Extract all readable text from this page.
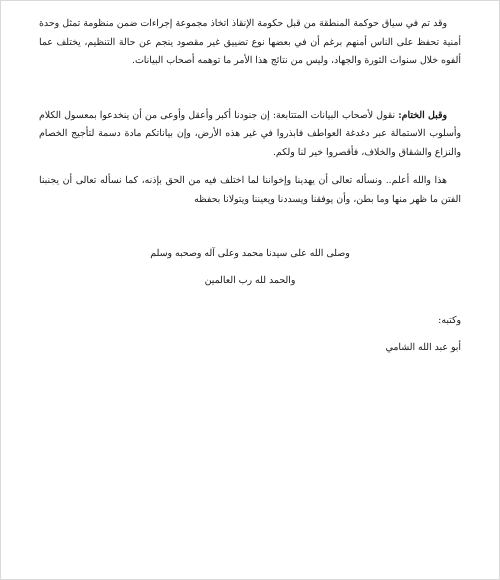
وقد تم في سياق حوكمة المنطقة من قبل حكومة الإنقاذ اتخاذ مجموعة إجراءات ضمن منظومة تمثل وحدة أمنية تحفظ على الناس أمنهم برغم أن في بعضها نوع تضييق غير مقصود ينجم عن حالة التنظيم، يختلف عما ألفوه خلال سنوات الثورة والجهاد، وليس من نتائج هذا الأمر ما توهمه أصحاب البيانات.

وقبل الختام: نقول لأصحاب البيانات المتتابعة: إن جنودنا أكبر وأعقل وأوعى من أن ينخدعوا بمعسول الكلام وأسلوب الاستمالة عبر دغدغة العواطف فابذروا في غير هذه الأرض، وإن بياناتكم مادة دسمة لتأجيج الخصام والنزاع والشقاق والخلاف، فأقصروا خير لنا ولكم.

هذا والله أعلم.. ونسأله تعالى أن يهدينا وإخواننا لما اختلف فيه من الحق بإذنه، كما نسأله تعالى أن يجنبنا الفتن ما ظهر منها وما بطن، وأن يوفقنا ويسددنا ويعيننا ويتولانا بحفظه

وصلى الله على سيدنا محمد وعلى آله وصحبه وسلم

والحمد لله رب العالمين

وكتبه:

أبو عبد الله الشامي
